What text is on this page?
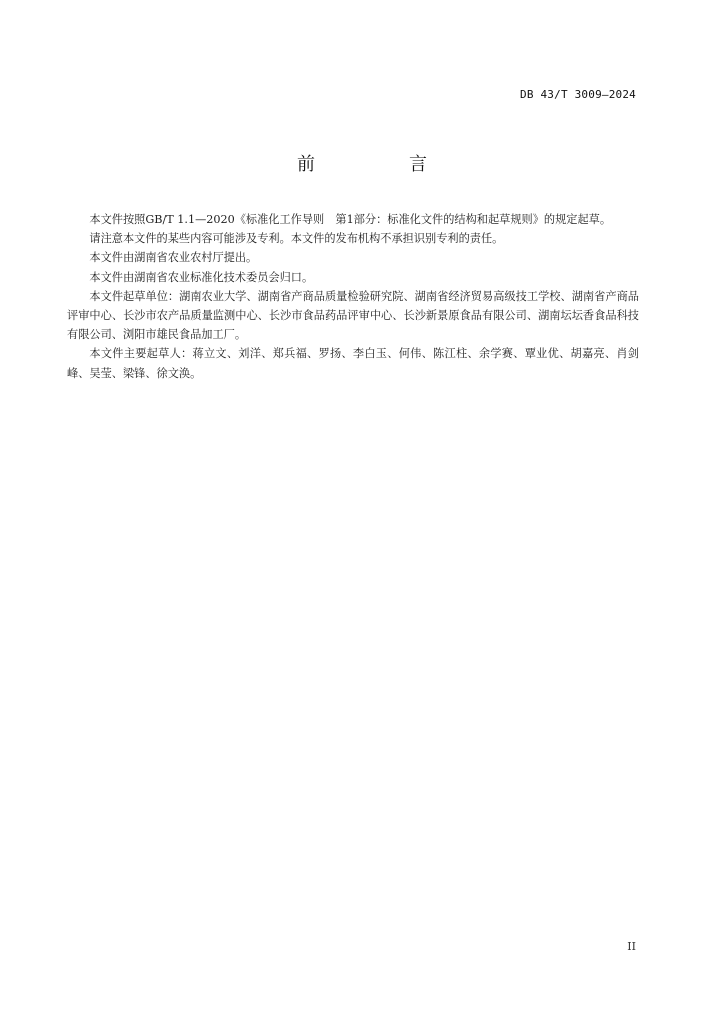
DB 43/T 3009—2024
前　言

本文件按照GB/T 1.1—2020《标准化工作导则　第1部分：标准化文件的结构和起草规则》的规定起草。

请注意本文件的某些内容可能涉及专利。本文件的发布机构不承担识别专利的责任。

本文件由湖南省农业农村厅提出。

本文件由湖南省农业标准化技术委员会归口。

本文件起草单位：湖南农业大学、湖南省产商品质量检验研究院、湖南省经济贸易高级技工学校、湖南省产商品评审中心、长沙市农产品质量监测中心、长沙市食品药品评审中心、长沙新景原食品有限公司、湖南坛坛香食品科技有限公司、浏阳市雄民食品加工厂。

本文件主要起草人：蒋立文、刘洋、郑兵福、罗扬、李白玉、何伟、陈江柱、余学赛、覃业优、胡嘉亮、肖剑峰、吴莹、梁锋、徐文涣。

II
